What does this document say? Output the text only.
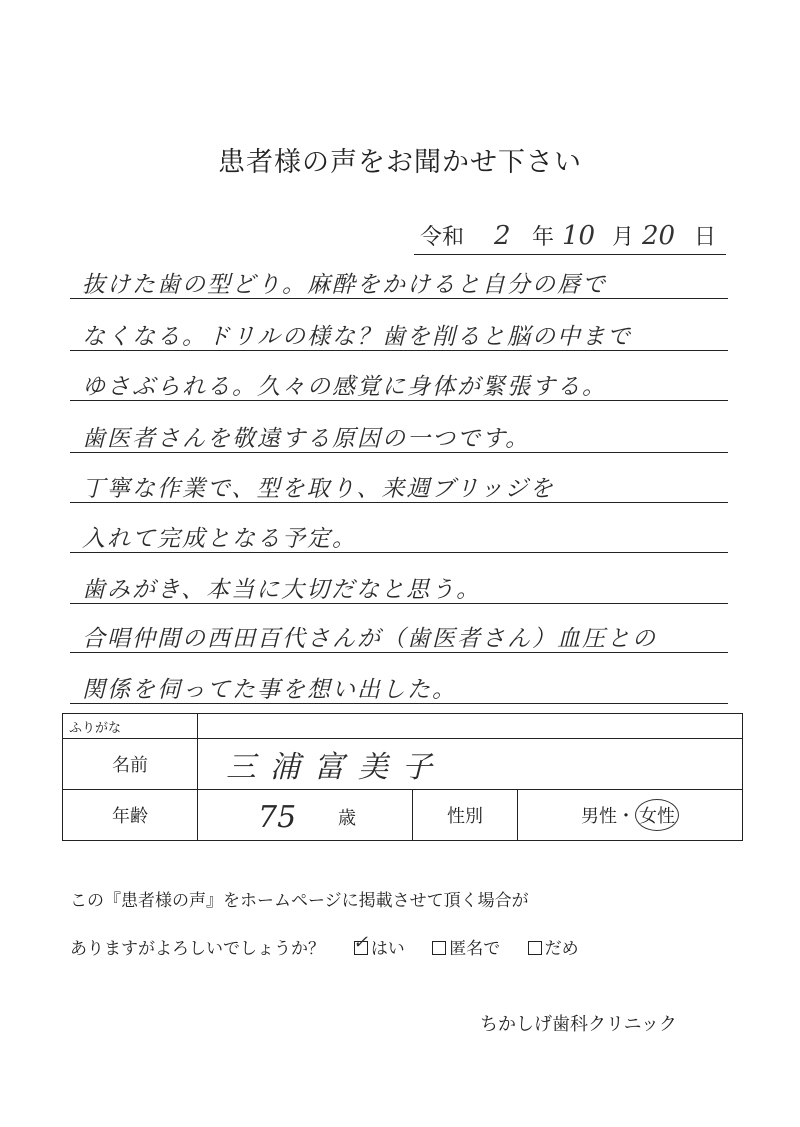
患者様の声をお聞かせ下さい
令和 2 年 10 月 20 日
抜けた歯の型どり。麻酔をかけると自分の唇で
なくなる。ドリルの様な？歯を削ると脳の中まで
ゆさぶられる。久々の感覚に身体が緊張する。
歯医者さんを敬遠する原因の一つです。
丁寧な作業で、型を取り、来週ブリッジを
入れて完成となる予定。
歯みがき、本当に大切だなと思う。
合唱仲間の西田百代さんが（歯医者さん）血圧との
関係を伺ってた事を想い出した。
ふりがな			
名前	三浦富美子		
年齢	75 歳	性別	男性・ 女性
この『患者様の声』をホームページに掲載させて頂く場合が
ありますがよろしいでしょうか？ ✓ はい	匿名で	だめ
ちかしげ歯科クリニック
